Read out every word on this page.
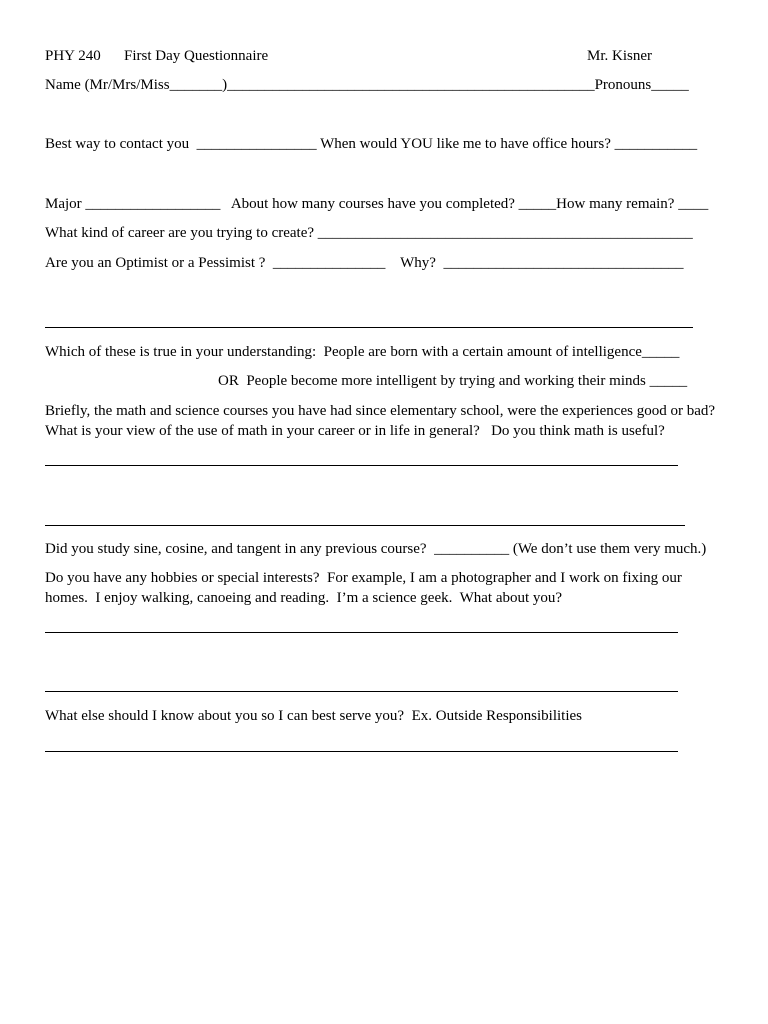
PHY 240 First Day Questionnaire	Mr. Kisner
Name (Mr/Mrs/Miss_______)_________________________________________________Pronouns_____
Best way to contact you  ________________ When would YOU like me to have office hours? ___________
Major __________________   About how many courses have you completed? _____How many remain? ____
What kind of career are you trying to create? __________________________________________________
Are you an Optimist or a Pessimist ?  _______________    Why?  ________________________________
Which of these is true in your understanding:  People are born with a certain amount of intelligence_____
OR  People become more intelligent by trying and working their minds _____
Briefly, the math and science courses you have had since elementary school, were the experiences good or bad?
What is your view of the use of math in your career or in life in general?   Do you think math is useful?
Did you study sine, cosine, and tangent in any previous course?  __________ (We don’t use them very much.)
Do you have any hobbies or special interests?  For example, I am a photographer and I work on fixing our
homes.  I enjoy walking, canoeing and reading.  I’m a science geek.  What about you?
What else should I know about you so I can best serve you?  Ex. Outside Responsibilities
